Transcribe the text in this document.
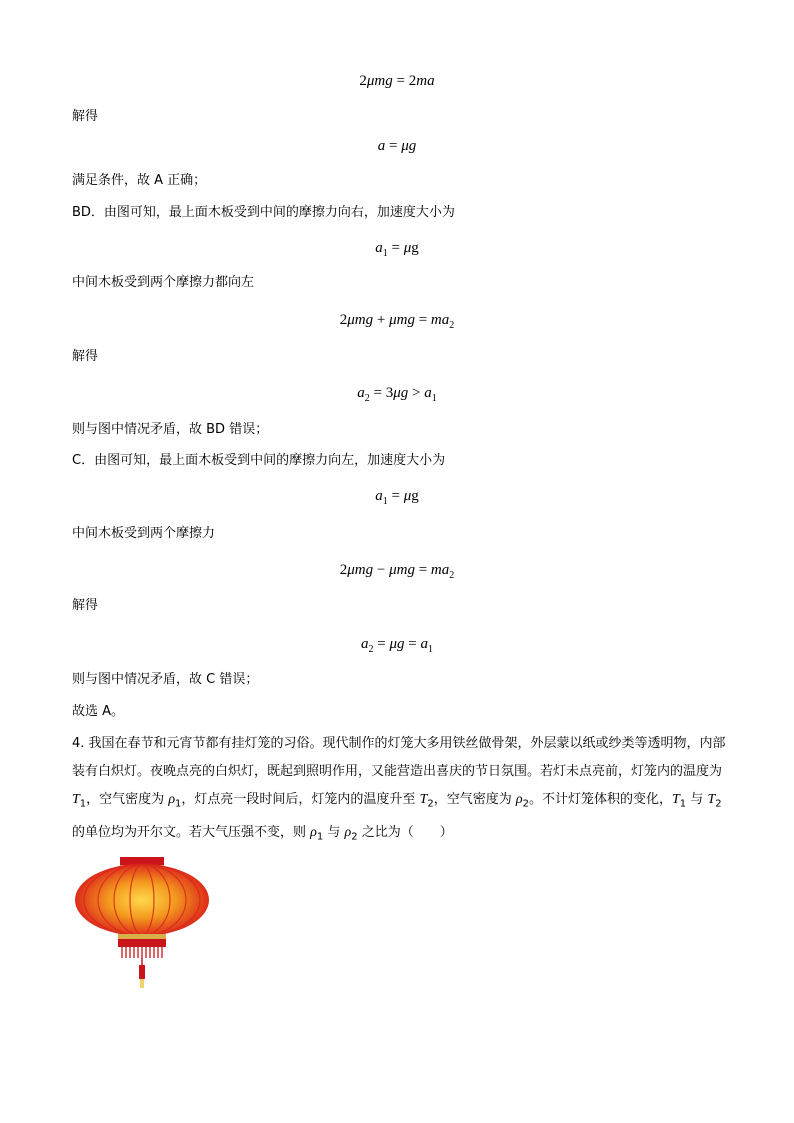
2μmg = 2ma
解得
a = μg
满足条件，故 A 正确；
BD．由图可知，最上面木板受到中间的摩擦力向右，加速度大小为
$a_1 = \mu g$
中间木板受到两个摩擦力都向左
$2\mu mg + \mu mg = ma_2$
解得
$a_2 = 3\mu g > a_1$
则与图中情况矛盾，故 BD 错误；
C．由图可知，最上面木板受到中间的摩擦力向左，加速度大小为
$a_1 = \mu g$
中间木板受到两个摩擦力
$2\mu mg - \mu mg = ma_2$
解得
$a_2 = \mu g = a_1$
则与图中情况矛盾，故 C 错误；
故选 A。
4. 我国在春节和元宵节都有挂灯笼的习俗。现代制作的灯笼大多用铁丝做骨架，外层蒙以纸或纱类等透明物，内部装有白炽灯。夜晚点亮的白炽灯，既起到照明作用，又能营造出喜庆的节日氛围。若灯未点亮前，灯笼内的温度为 $T_1$，空气密度为 $\rho_1$，灯点亮一段时间后，灯笼内的温度升至 $T_2$，空气密度为 $\rho_2$。不计灯笼体积的变化，$T_1$ 与 $T_2$ 的单位均为开尔文。若大气压强不变，则 $\rho_1$ 与 $\rho_2$ 之比为（　　）
